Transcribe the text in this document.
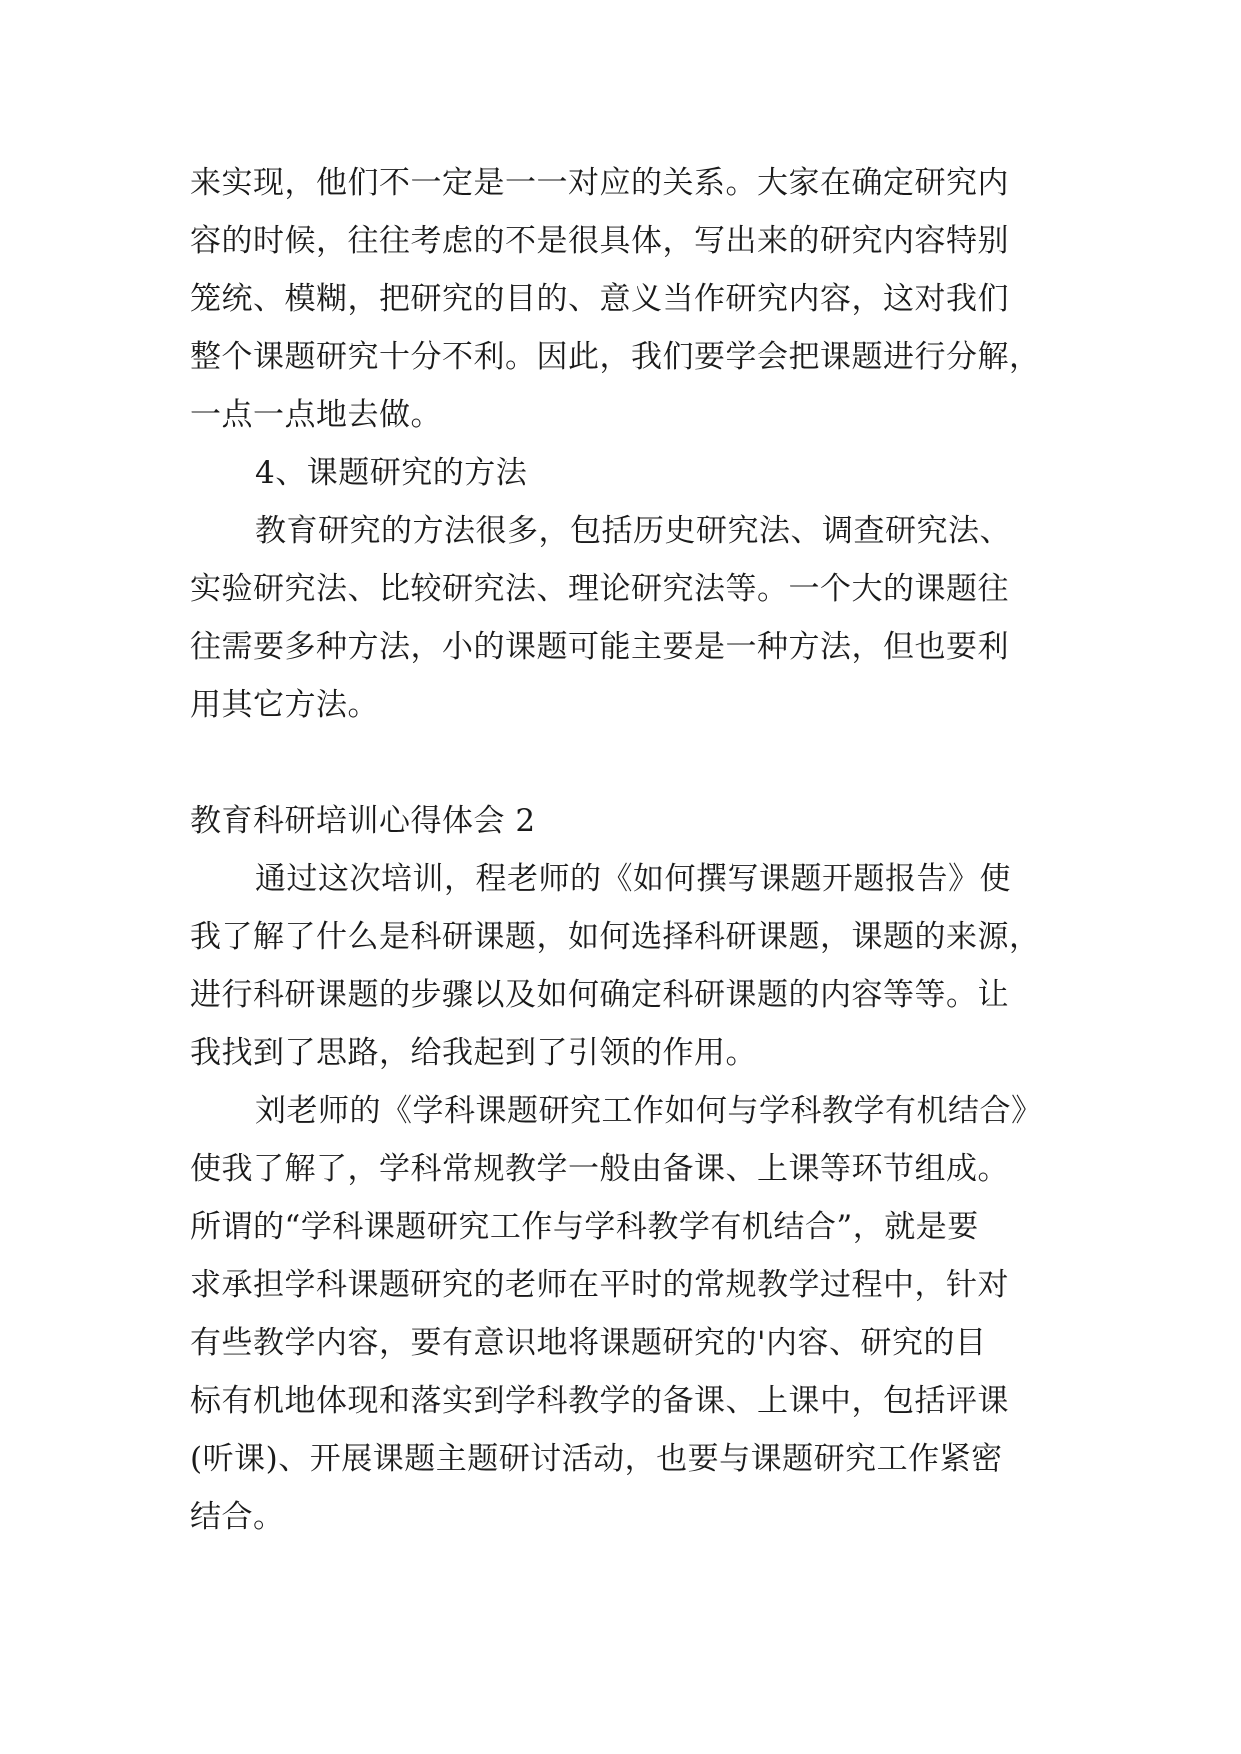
来实现，他们不一定是一一对应的关系。大家在确定研究内
容的时候，往往考虑的不是很具体，写出来的研究内容特别
笼统、模糊，把研究的目的、意义当作研究内容，这对我们
整个课题研究十分不利。因此，我们要学会把课题进行分解，
一点一点地去做。
4、课题研究的方法
教育研究的方法很多，包括历史研究法、调查研究法、
实验研究法、比较研究法、理论研究法等。一个大的课题往
往需要多种方法，小的课题可能主要是一种方法，但也要利
用其它方法。
教育科研培训心得体会 2
通过这次培训，程老师的《如何撰写课题开题报告》使
我了解了什么是科研课题，如何选择科研课题，课题的来源，
进行科研课题的步骤以及如何确定科研课题的内容等等。让
我找到了思路，给我起到了引领的作用。
刘老师的《学科课题研究工作如何与学科教学有机结合》
使我了解了，学科常规教学一般由备课、上课等环节组成。
所谓的“学科课题研究工作与学科教学有机结合”，就是要
求承担学科课题研究的老师在平时的常规教学过程中，针对
有些教学内容，要有意识地将课题研究的'内容、研究的目
标有机地体现和落实到学科教学的备课、上课中，包括评课
(听课)、开展课题主题研讨活动，也要与课题研究工作紧密
结合。
